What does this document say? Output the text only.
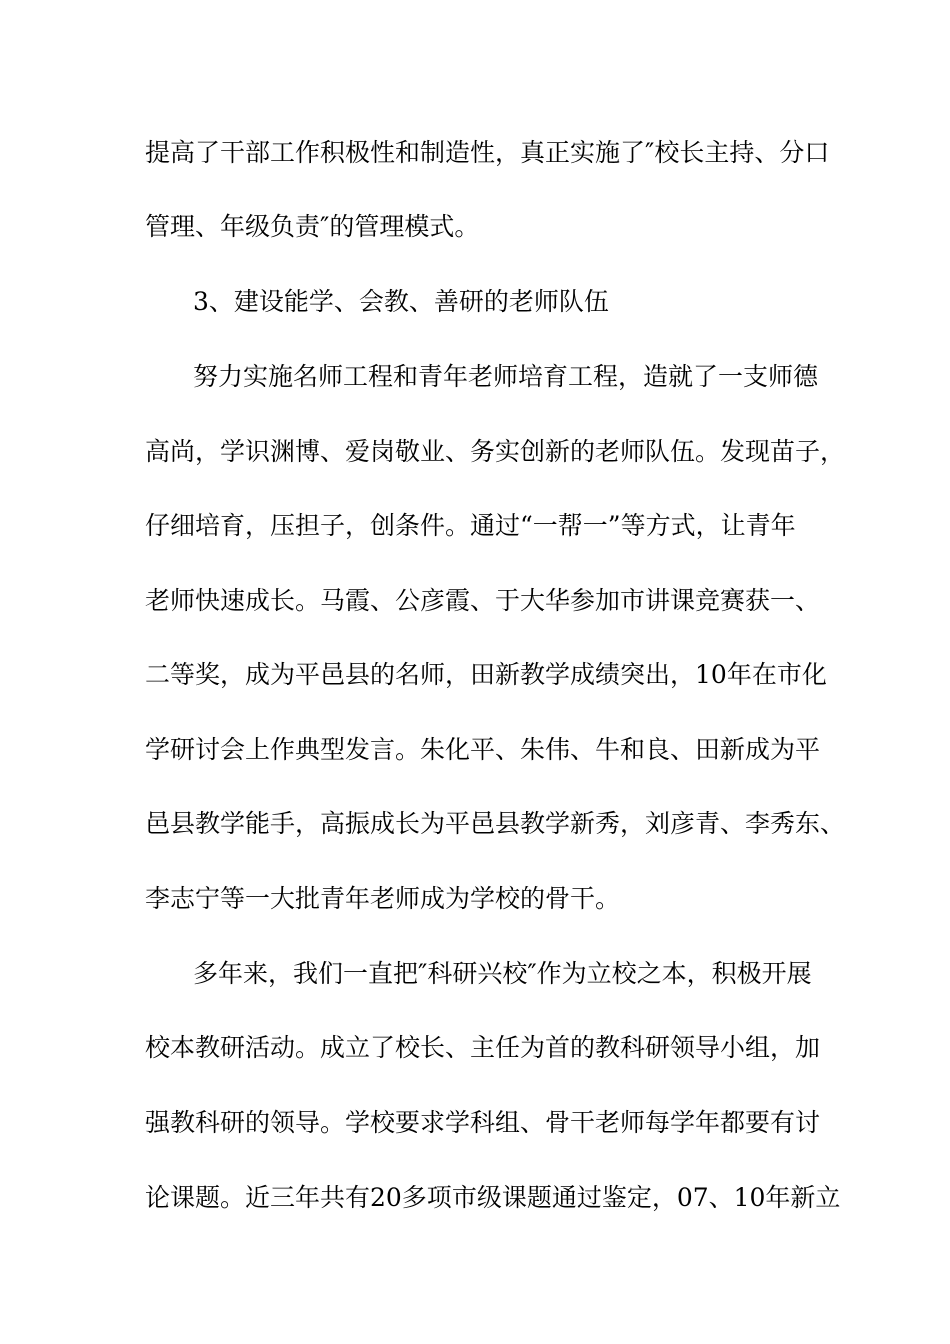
提高了干部工作积极性和制造性，真正实施了″校长主持、分口
管理、年级负责″的管理模式。
3、建设能学、会教、善研的老师队伍
努力实施名师工程和青年老师培育工程，造就了一支师德
高尚，学识渊博、爱岗敬业、务实创新的老师队伍。发现苗子，
仔细培育，压担子，创条件。通过“一帮一”等方式，让青年
老师快速成长。马霞、公彦霞、于大华参加市讲课竞赛获一、
二等奖，成为平邑县的名师，田新教学成绩突出，10年在市化
学研讨会上作典型发言。朱化平、朱伟、牛和良、田新成为平
邑县教学能手，高振成长为平邑县教学新秀，刘彦青、李秀东、
李志宁等一大批青年老师成为学校的骨干。
多年来，我们一直把″科研兴校″作为立校之本，积极开展
校本教研活动。成立了校长、主任为首的教科研领导小组，加
强教科研的领导。学校要求学科组、骨干老师每学年都要有讨
论课题。近三年共有20多项市级课题通过鉴定，07、10年新立
